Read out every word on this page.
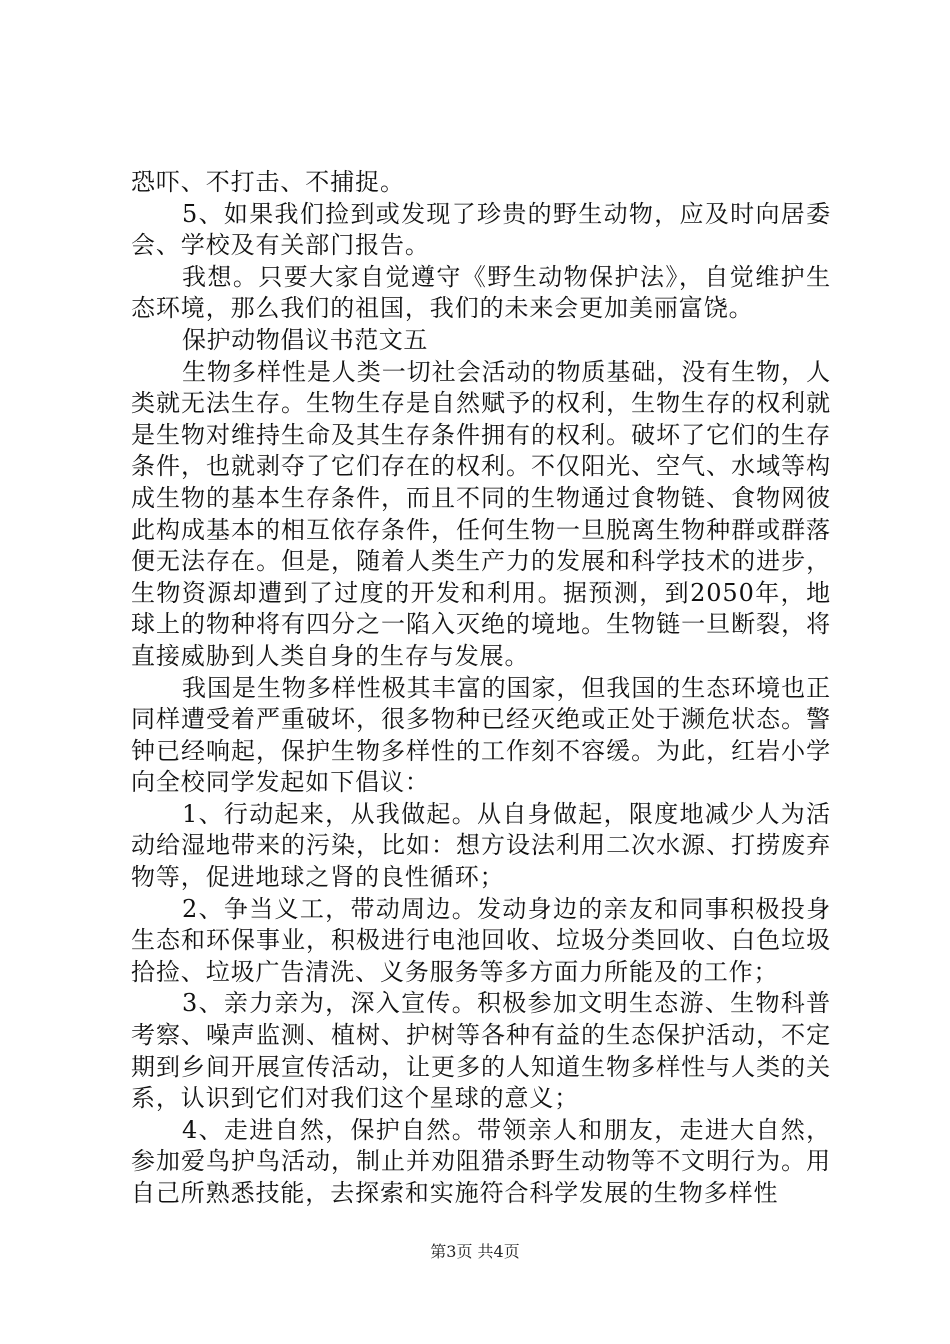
恐吓、不打击、不捕捉。

5、如果我们捡到或发现了珍贵的野生动物，应及时向居委会、学校及有关部门报告。

我想。只要大家自觉遵守《野生动物保护法》，自觉维护生态环境，那么我们的祖国，我们的未来会更加美丽富饶。

保护动物倡议书范文五

生物多样性是人类一切社会活动的物质基础，没有生物，人类就无法生存。生物生存是自然赋予的权利，生物生存的权利就是生物对维持生命及其生存条件拥有的权利。破坏了它们的生存条件，也就剥夺了它们存在的权利。不仅阳光、空气、水域等构成生物的基本生存条件，而且不同的生物通过食物链、食物网彼此构成基本的相互依存条件，任何生物一旦脱离生物种群或群落便无法存在。但是，随着人类生产力的发展和科学技术的进步，生物资源却遭到了过度的开发和利用。据预测，到2050年，地球上的物种将有四分之一陷入灭绝的境地。生物链一旦断裂，将直接威胁到人类自身的生存与发展。

我国是生物多样性极其丰富的国家，但我国的生态环境也正同样遭受着严重破坏，很多物种已经灭绝或正处于濒危状态。警钟已经响起，保护生物多样性的工作刻不容缓。为此，红岩小学向全校同学发起如下倡议：

1、行动起来，从我做起。从自身做起，限度地减少人为活动给湿地带来的污染，比如：想方设法利用二次水源、打捞废弃物等，促进地球之肾的良性循环；

2、争当义工，带动周边。发动身边的亲友和同事积极投身生态和环保事业，积极进行电池回收、垃圾分类回收、白色垃圾拾捡、垃圾广告清洗、义务服务等多方面力所能及的工作；

3、亲力亲为，深入宣传。积极参加文明生态游、生物科普考察、噪声监测、植树、护树等各种有益的生态保护活动，不定期到乡间开展宣传活动，让更多的人知道生物多样性与人类的关系，认识到它们对我们这个星球的意义；

4、走进自然，保护自然。带领亲人和朋友，走进大自然，参加爱鸟护鸟活动，制止并劝阻猎杀野生动物等不文明行为。用自己所熟悉技能，去探索和实施符合科学发展的生物多样性

第3页 共4页
